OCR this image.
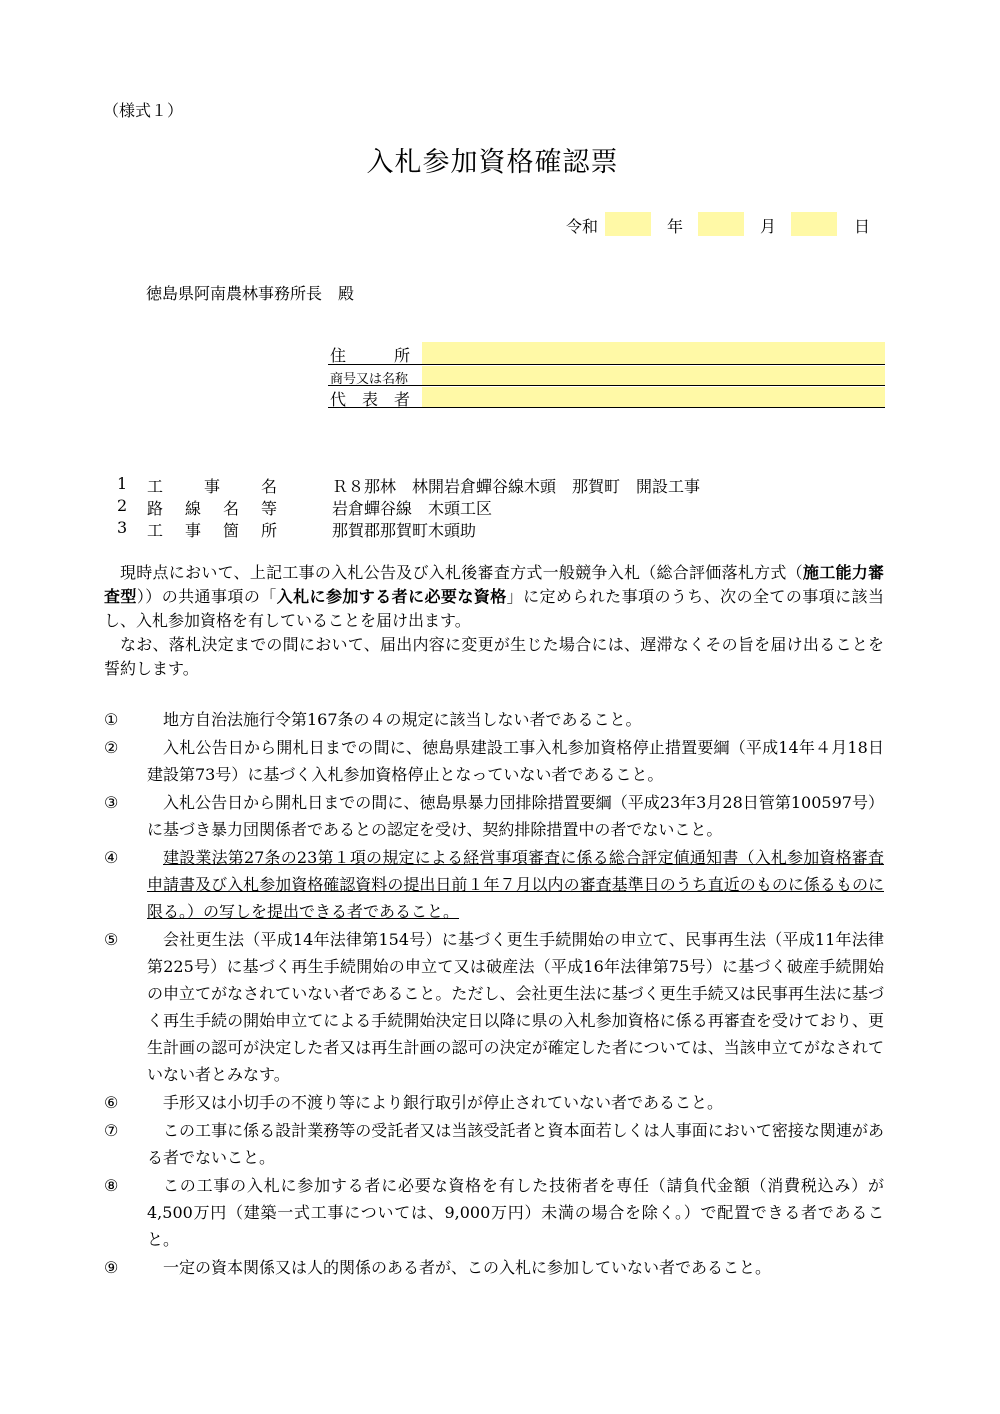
（様式１）
入札参加資格確認票
令和	年	月	日
徳島県阿南農林事務所長　殿
住　　　所
商号又は名称
代　表　者
1 工	事	名	Ｒ８那林　林開岩倉蟬谷線木頭　那賀町　開設工事
2 路 線 名 等	岩倉蟬谷線　木頭工区
3 工 事 箇 所	那賀郡那賀町木頭助

現時点において、上記工事の入札公告及び入札後審査方式一般競争入札（総合評価落札方式（施工能力審査型））の共通事項の「入札に参加する者に必要な資格」に定められた事項のうち、次の全ての事項に該当し、入札参加資格を有していることを届け出ます。

なお、落札決定までの間において、届出内容に変更が生じた場合には、遅滞なくその旨を届け出ることを誓約します。

①	地方自治法施行令第167条の４の規定に該当しない者であること。
②	入札公告日から開札日までの間に、徳島県建設工事入札参加資格停止措置要綱（平成14年４月18日建設第73号）に基づく入札参加資格停止となっていない者であること。
③	入札公告日から開札日までの間に、徳島県暴力団排除措置要綱（平成23年3月28日管第100597号）に基づき暴力団関係者であるとの認定を受け、契約排除措置中の者でないこと。
④	建設業法第27条の23第１項の規定による経営事項審査に係る総合評定値通知書（入札参加資格審査申請書及び入札参加資格確認資料の提出日前１年７月以内の審査基準日のうち直近のものに係るものに限る。）の写しを提出できる者であること。
⑤	会社更生法（平成14年法律第154号）に基づく更生手続開始の申立て、民事再生法（平成11年法律第225号）に基づく再生手続開始の申立て又は破産法（平成16年法律第75号）に基づく破産手続開始の申立てがなされていない者であること。ただし、会社更生法に基づく更生手続又は民事再生法に基づく再生手続の開始申立てによる手続開始決定日以降に県の入札参加資格に係る再審査を受けており、更生計画の認可が決定した者又は再生計画の認可の決定が確定した者については、当該申立てがなされていない者とみなす。
⑥	手形又は小切手の不渡り等により銀行取引が停止されていない者であること。
⑦	この工事に係る設計業務等の受託者又は当該受託者と資本面若しくは人事面において密接な関連がある者でないこと。
⑧	この工事の入札に参加する者に必要な資格を有した技術者を専任（請負代金額（消費税込み）が4,500万円（建築一式工事については、9,000万円）未満の場合を除く。）で配置できる者であること。
⑨	一定の資本関係又は人的関係のある者が、この入札に参加していない者であること。
